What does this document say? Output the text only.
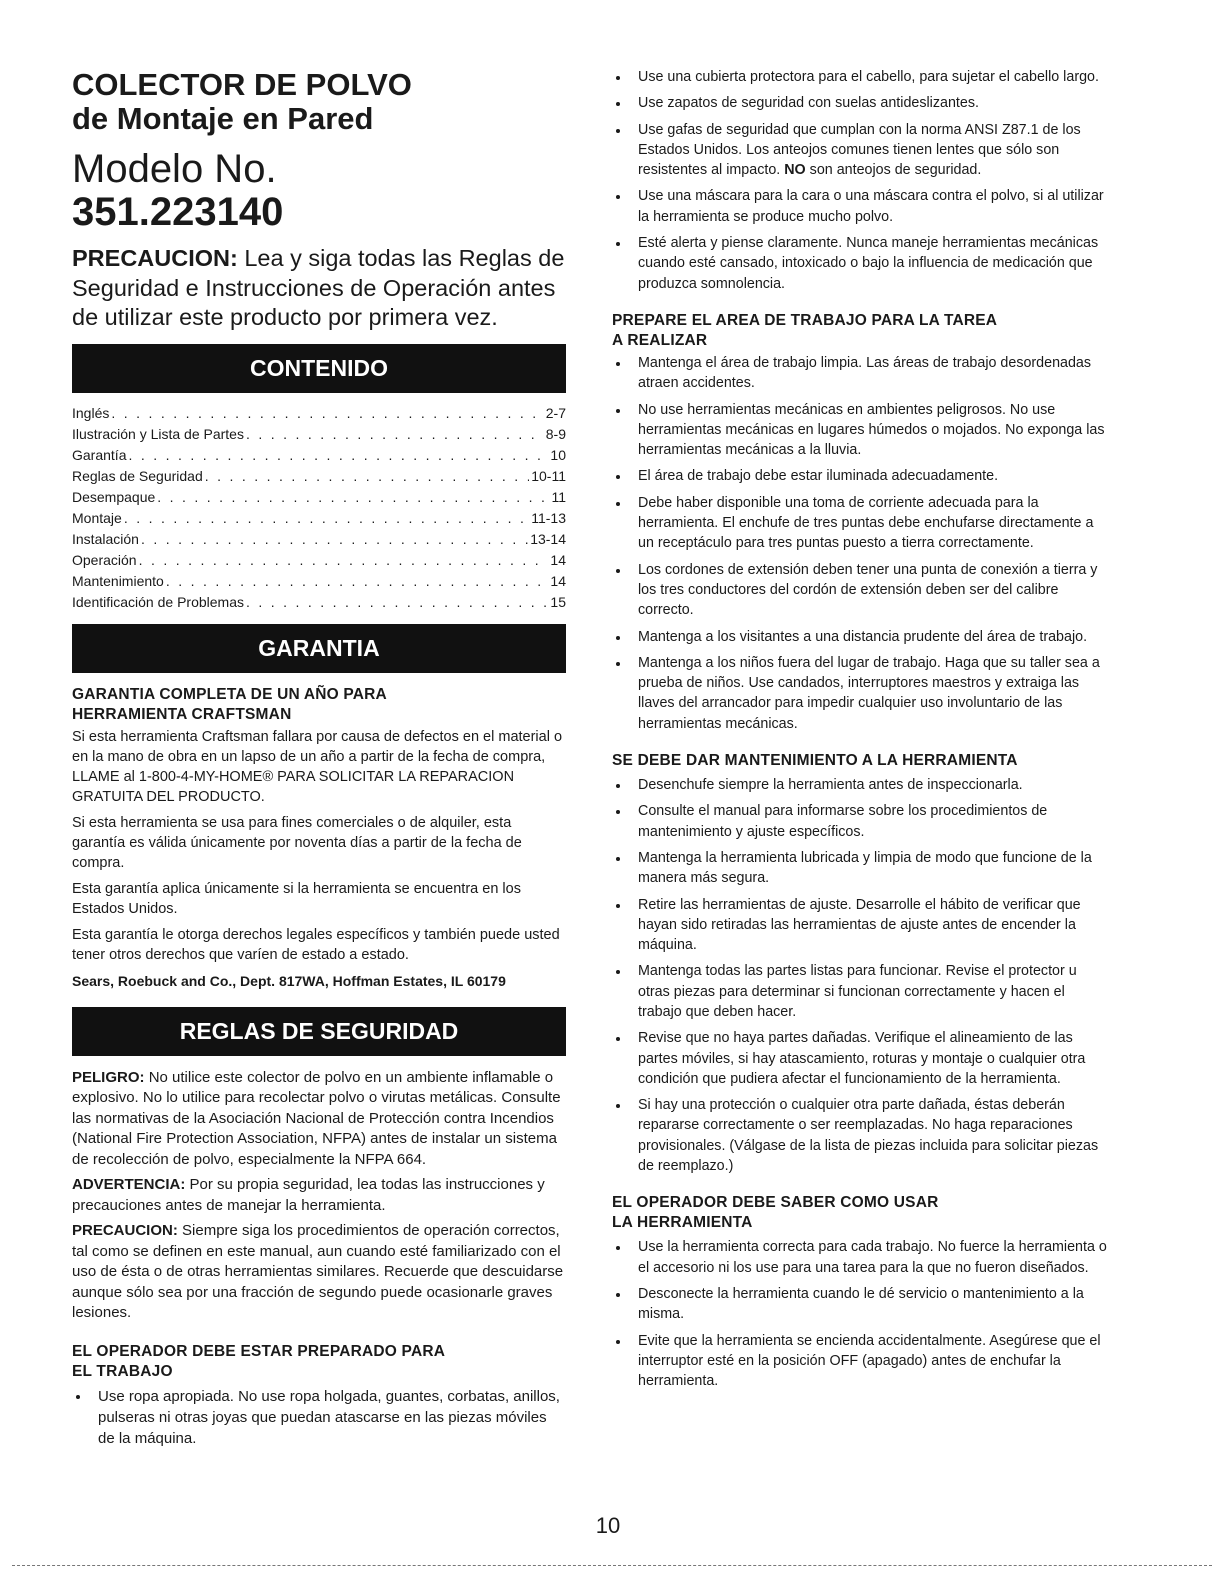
COLECTOR DE POLVO
de Montaje en Pared
Modelo No.
351.223140
PRECAUCION: Lea y siga todas las Reglas de Seguridad e Instrucciones de Operación antes de utilizar este producto por primera vez.
CONTENIDO
Inglés . . .	2-7
Ilustración y Lista de Partes . . .	8-9
Garantía . . .	10
Reglas de Seguridad . . .	10-11
Desempaque . . .	11
Montaje . . .	11-13
Instalación . . .	13-14
Operación . . .	14
Mantenimiento . . .	14
Identificación de Problemas . . .	15
GARANTIA
GARANTIA COMPLETA DE UN AÑO PARA
HERRAMIENTA CRAFTSMAN

Si esta herramienta Craftsman fallara por causa de defectos en el material o en la mano de obra en un lapso de un año a partir de la fecha de compra, LLAME al 1-800-4-MY-HOME® PARA SOLICITAR LA REPARACION GRATUITA DEL PRODUCTO.

Si esta herramienta se usa para fines comerciales o de alquiler, esta garantía es válida únicamente por noventa días a partir de la fecha de compra.

Esta garantía aplica únicamente si la herramienta se encuentra en los Estados Unidos.

Esta garantía le otorga derechos legales específicos y también puede usted tener otros derechos que varíen de estado a estado.

Sears, Roebuck and Co., Dept. 817WA, Hoffman Estates, IL 60179
REGLAS DE SEGURIDAD

PELIGRO: No utilice este colector de polvo en un ambiente inflamable o explosivo. No lo utilice para recolectar polvo o virutas metálicas. Consulte las normativas de la Asociación Nacional de Protección contra Incendios (National Fire Protection Association, NFPA) antes de instalar un sistema de recolección de polvo, especialmente la NFPA 664.

ADVERTENCIA: Por su propia seguridad, lea todas las instrucciones y precauciones antes de manejar la herramienta.

PRECAUCION: Siempre siga los procedimientos de operación correctos, tal como se definen en este manual, aun cuando esté familiarizado con el uso de ésta o de otras herramientas similares. Recuerde que descuidarse aunque sólo sea por una fracción de segundo puede ocasionarle graves lesiones.

EL OPERADOR DEBE ESTAR PREPARADO PARA
EL TRABAJO
Use ropa apropiada. No use ropa holgada, guantes, corbatas, anillos, pulseras ni otras joyas que puedan atascarse en las piezas móviles de la máquina.
Use una cubierta protectora para el cabello, para sujetar el cabello largo.
Use zapatos de seguridad con suelas antideslizantes.
Use gafas de seguridad que cumplan con la norma ANSI Z87.1 de los Estados Unidos. Los anteojos comunes tienen lentes que sólo son resistentes al impacto. NO son anteojos de seguridad.
Use una máscara para la cara o una máscara contra el polvo, si al utilizar la herramienta se produce mucho polvo.
Esté alerta y piense claramente. Nunca maneje herramientas mecánicas cuando esté cansado, intoxicado o bajo la influencia de medicación que produzca somnolencia.
PREPARE EL AREA DE TRABAJO PARA LA TAREA
A REALIZAR
Mantenga el área de trabajo limpia. Las áreas de trabajo desordenadas atraen accidentes.
No use herramientas mecánicas en ambientes peligrosos. No use herramientas mecánicas en lugares húmedos o mojados. No exponga las herramientas mecánicas a la lluvia.
El área de trabajo debe estar iluminada adecuadamente.
Debe haber disponible una toma de corriente adecuada para la herramienta. El enchufe de tres puntas debe enchufarse directamente a un receptáculo para tres puntas puesto a tierra correctamente.
Los cordones de extensión deben tener una punta de conexión a tierra y los tres conductores del cordón de extensión deben ser del calibre correcto.
Mantenga a los visitantes a una distancia prudente del área de trabajo.
Mantenga a los niños fuera del lugar de trabajo. Haga que su taller sea a prueba de niños. Use candados, interruptores maestros y extraiga las llaves del arrancador para impedir cualquier uso involuntario de las herramientas mecánicas.
SE DEBE DAR MANTENIMIENTO A LA HERRAMIENTA
Desenchufe siempre la herramienta antes de inspeccionarla.
Consulte el manual para informarse sobre los procedimientos de mantenimiento y ajuste específicos.
Mantenga la herramienta lubricada y limpia de modo que funcione de la manera más segura.
Retire las herramientas de ajuste. Desarrolle el hábito de verificar que hayan sido retiradas las herramientas de ajuste antes de encender la máquina.
Mantenga todas las partes listas para funcionar. Revise el protector u otras piezas para determinar si funcionan correctamente y hacen el trabajo que deben hacer.
Revise que no haya partes dañadas. Verifique el alineamiento de las partes móviles, si hay atascamiento, roturas y montaje o cualquier otra condición que pudiera afectar el funcionamiento de la herramienta.
Si hay una protección o cualquier otra parte dañada, éstas deberán repararse correctamente o ser reemplazadas. No haga reparaciones provisionales. (Válgase de la lista de piezas incluida para solicitar piezas de reemplazo.)
EL OPERADOR DEBE SABER COMO USAR
LA HERRAMIENTA
Use la herramienta correcta para cada trabajo. No fuerce la herramienta o el accesorio ni los use para una tarea para la que no fueron diseñados.
Desconecte la herramienta cuando le dé servicio o mantenimiento a la misma.
Evite que la herramienta se encienda accidentalmente. Asegúrese que el interruptor esté en la posición OFF (apagado) antes de enchufar la herramienta.
10
